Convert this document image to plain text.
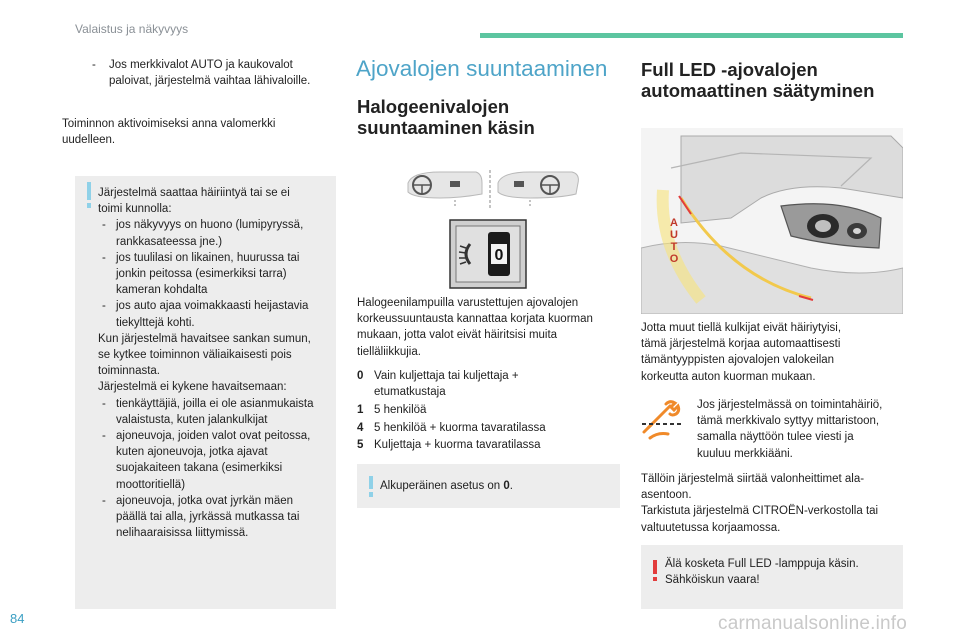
Valaistus ja näkyvyys
-	Jos merkkivalot AUTO ja kaukovalot paloivat, järjestelmä vaihtaa lähivaloille.
Toiminnon aktivoimiseksi anna valomerkki
uudelleen.
Järjestelmä saattaa häiriintyä tai se ei
toimi kunnolla:
- jos näkyvyys on huono (lumipyryssä,
rankkasateessa jne.)
- jos tuulilasi on likainen, huurussa tai
jonkin peitossa (esimerkiksi tarra)
kameran kohdalta
- jos auto ajaa voimakkaasti heijastavia
tiekylttejä kohti.
Kun järjestelmä havaitsee sankan sumun,
se kytkee toiminnon väliaikaisesti pois
toiminnasta.
Järjestelmä ei kykene havaitsemaan:
- tienkäyttäjiä, joilla ei ole asianmukaista
valaistusta, kuten jalankulkijat
- ajoneuvoja, joiden valot ovat peitossa,
kuten ajoneuvoja, jotka ajavat
suojakaiteen takana (esimerkiksi
moottoritiellä)
- ajoneuvoja, jotka ovat jyrkän mäen
päällä tai alla, jyrkässä mutkassa tai
nelihaaraisissa liittymissä.
Ajovalojen suuntaaminen
Halogeenivalojen
suuntaaminen käsin
0
Halogeenilampuilla varustettujen ajovalojen
korkeussuuntausta kannattaa korjata kuorman
mukaan, jotta valot eivät häiritsisi muita
tielläliikkujia.
0 Vain kuljettaja tai kuljettaja +
etumatkustaja
1 5 henkilöä
4 5 henkilöä + kuorma tavaratilassa
5 Kuljettaja + kuorma tavaratilassa
Alkuperäinen asetus on 0.
Full LED -ajovalojen
automaattinen säätyminen
A
U
T
O
Jotta muut tiellä kulkijat eivät häiriytyisi,
tämä järjestelmä korjaa automaattisesti
tämäntyyppisten ajovalojen valokeilan
korkeutta auton kuorman mukaan.
Jos järjestelmässä on toimintahäiriö,
tämä merkkivalo syttyy mittaristoon,
samalla näyttöön tulee viesti ja
kuuluu merkkiääni.
Tällöin järjestelmä siirtää valonheittimet ala-
asentoon.
Tarkistuta järjestelmä CITROËN-verkostolla tai
valtuutetussa korjaamossa.
Älä kosketa Full LED -lamppuja käsin.
Sähköiskun vaara!
84	carmanualsonline.info
